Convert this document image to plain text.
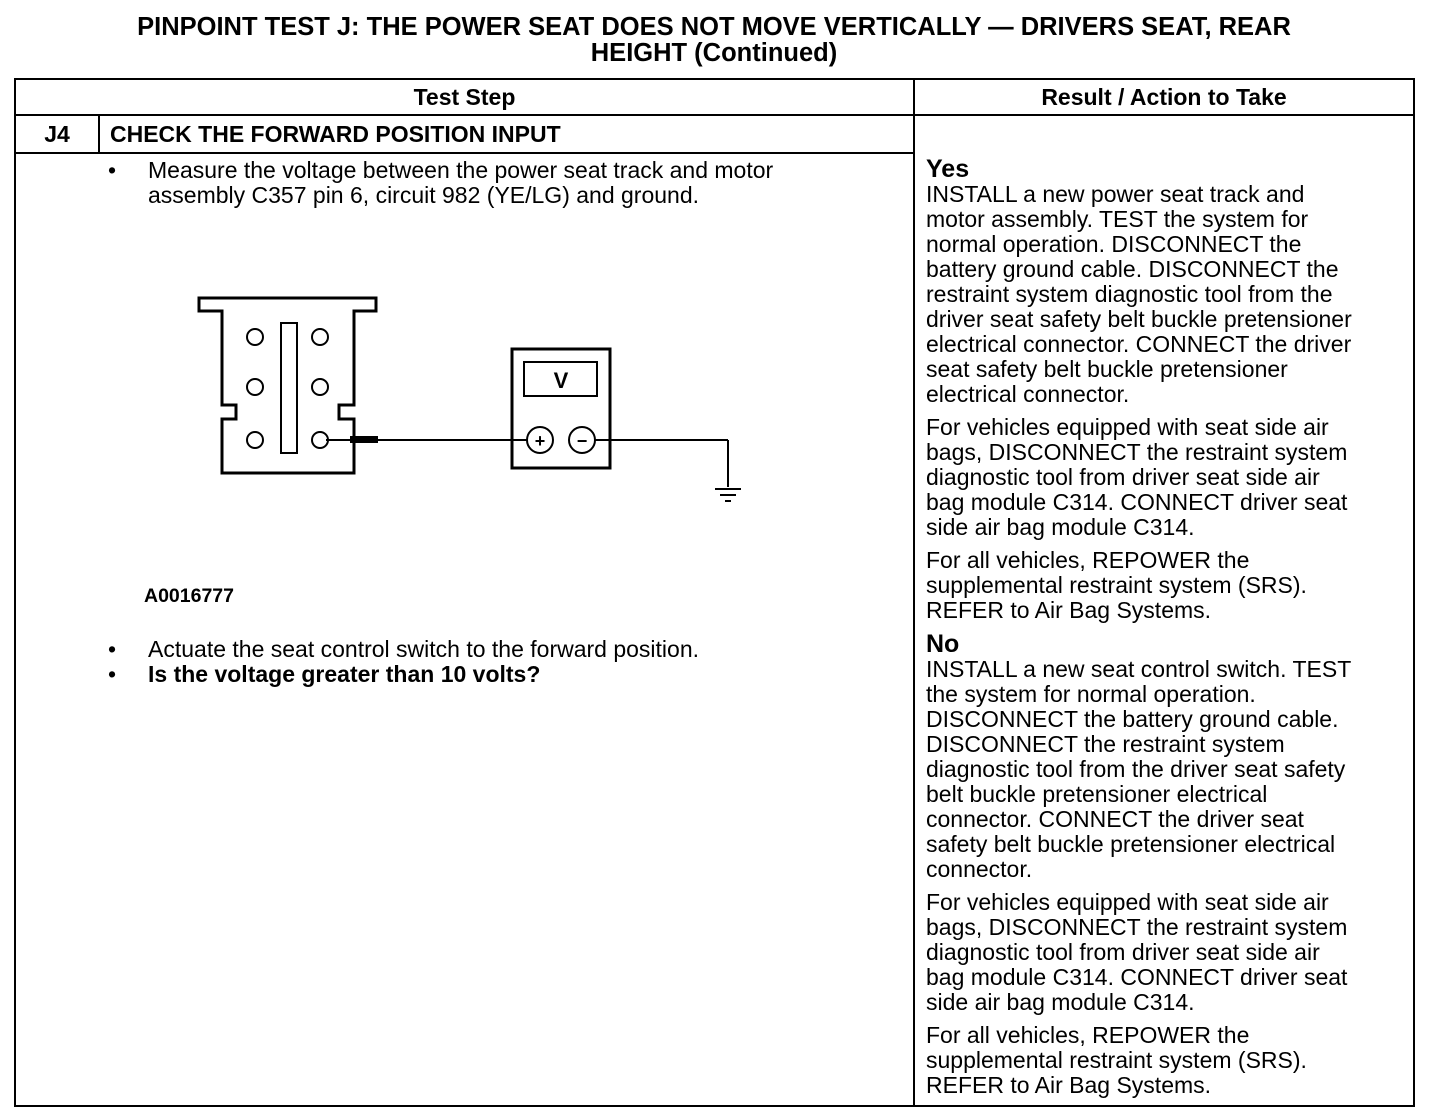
PINPOINT TEST J: THE POWER SEAT DOES NOT MOVE VERTICALLY — DRIVERS SEAT, REAR
HEIGHT (Continued)
Test Step	Result / Action to Take
J4	CHECK THE FORWARD POSITION INPUT
• Measure the voltage between the power seat track and motor
assembly C357 pin 6, circuit 982 (YE/LG) and ground.
V
+ −
A0016777
• Actuate the seat control switch to the forward position.
• Is the voltage greater than 10 volts?
Yes

INSTALL a new power seat track and
motor assembly. TEST the system for
normal operation. DISCONNECT the
battery ground cable. DISCONNECT the
restraint system diagnostic tool from the
driver seat safety belt buckle pretensioner
electrical connector. CONNECT the driver
seat safety belt buckle pretensioner
electrical connector.

For vehicles equipped with seat side air
bags, DISCONNECT the restraint system
diagnostic tool from driver seat side air
bag module C314. CONNECT driver seat
side air bag module C314.

For all vehicles, REPOWER the
supplemental restraint system (SRS).
REFER to Air Bag Systems.

No

INSTALL a new seat control switch. TEST
the system for normal operation.
DISCONNECT the battery ground cable.
DISCONNECT the restraint system
diagnostic tool from the driver seat safety
belt buckle pretensioner electrical
connector. CONNECT the driver seat
safety belt buckle pretensioner electrical
connector.

For vehicles equipped with seat side air
bags, DISCONNECT the restraint system
diagnostic tool from driver seat side air
bag module C314. CONNECT driver seat
side air bag module C314.

For all vehicles, REPOWER the
supplemental restraint system (SRS).
REFER to Air Bag Systems.
